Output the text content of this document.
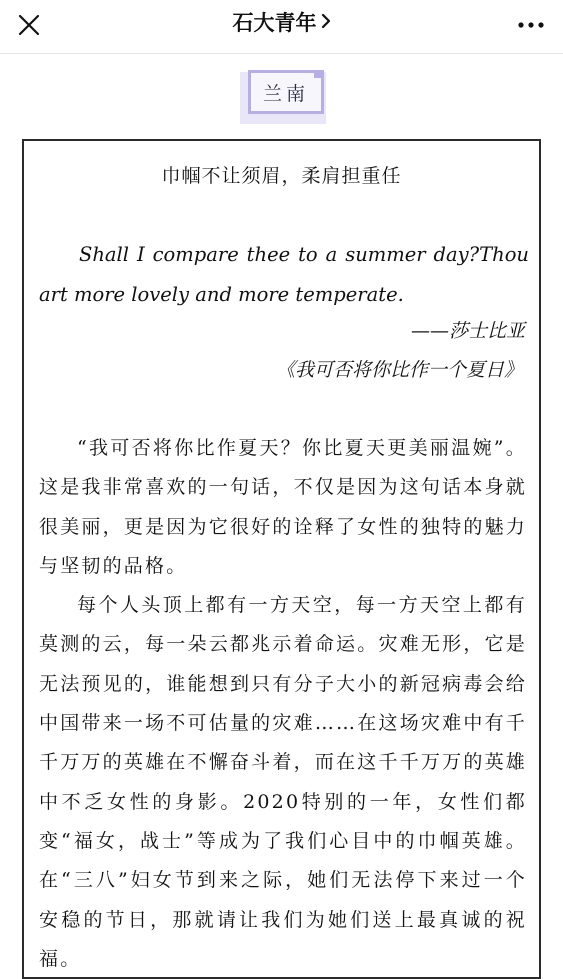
石大青年
兰南
巾帼不让须眉，柔肩担重任
Shall I compare thee to a summer day?Thou art more lovely and more temperate.
——莎士比亚
《我可否将你比作一个夏日》

“我可否将你比作夏天？你比夏天更美丽温婉”。这是我非常喜欢的一句话，不仅是因为这句话本身就很美丽，更是因为它很好的诠释了女性的独特的魅力与坚韧的品格。

每个人头顶上都有一方天空，每一方天空上都有莫测的云，每一朵云都兆示着命运。灾难无形，它是无法预见的，谁能想到只有分子大小的新冠病毒会给中国带来一场不可估量的灾难……在这场灾难中有千千万万的英雄在不懈奋斗着，而在这千千万万的英雄中不乏女性的身影。2020特别的一年，女性们都变“福女，战士”等成为了我们心目中的巾帼英雄。在“三八”妇女节到来之际，她们无法停下来过一个安稳的节日，那就请让我们为她们送上最真诚的祝福。
